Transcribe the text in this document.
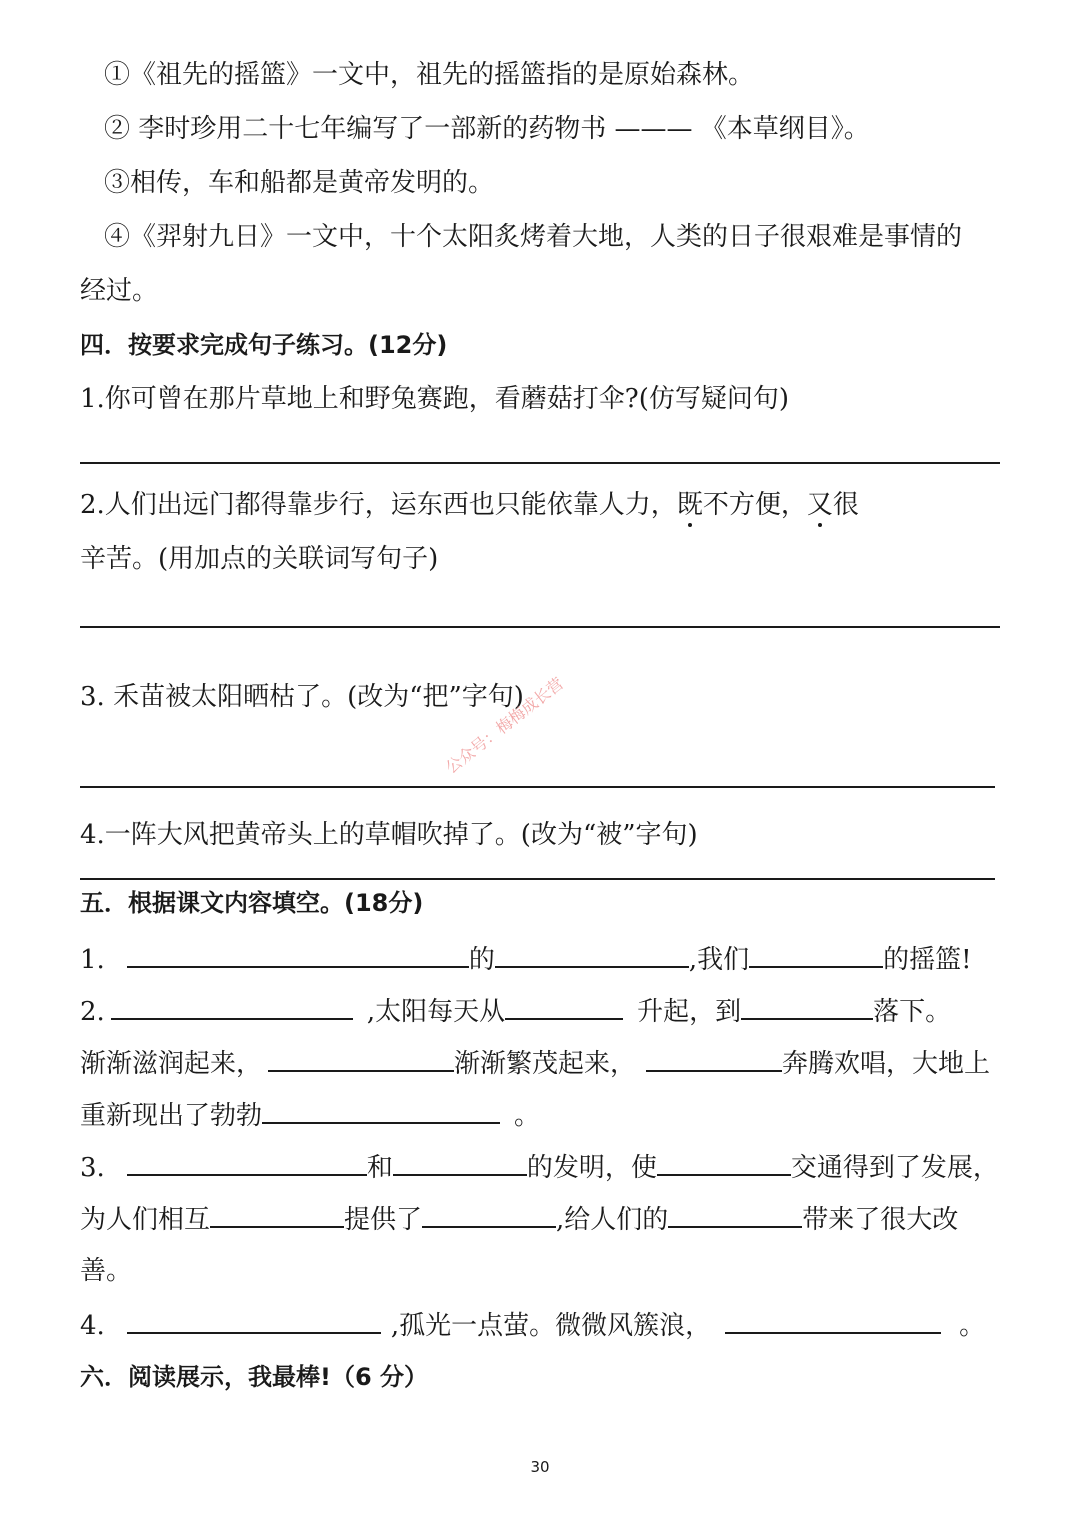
①《祖先的摇篮》一文中，祖先的摇篮指的是原始森林。
② 李时珍用二十七年编写了一部新的药物书 ——— 《本草纲目》。
③相传，车和船都是黄帝发明的。
④《羿射九日》一文中，十个太阳炙烤着大地，人类的日子很艰难是事情的
经过。
四．按要求完成句子练习。(12分)
1.你可曾在那片草地上和野兔赛跑，看蘑菇打伞?(仿写疑问句)
2.人们出远门都得靠步行，运东西也只能依靠人力，既不方便，又很
辛苦。(用加点的关联词写句子)
3. 禾苗被太阳晒枯了。(改为“把”字句)
4.一阵大风把黄帝头上的草帽吹掉了。(改为“被”字句)
五．根据课文内容填空。(18分)
1.	的	,我们	的摇篮!
2.	,太阳每天从	升起，到	落下。
渐渐滋润起来，	渐渐繁茂起来，	奔腾欢唱，大地上
重新现出了勃勃	。
3.	和	的发明，使	交通得到了发展，
为人们相互	提供了	,给人们的	带来了很大改
善。
4.	,孤光一点萤。微微风簇浪，	。
六．阅读展示，我最棒!（6 分）
公众号：梅梅成长营
30
